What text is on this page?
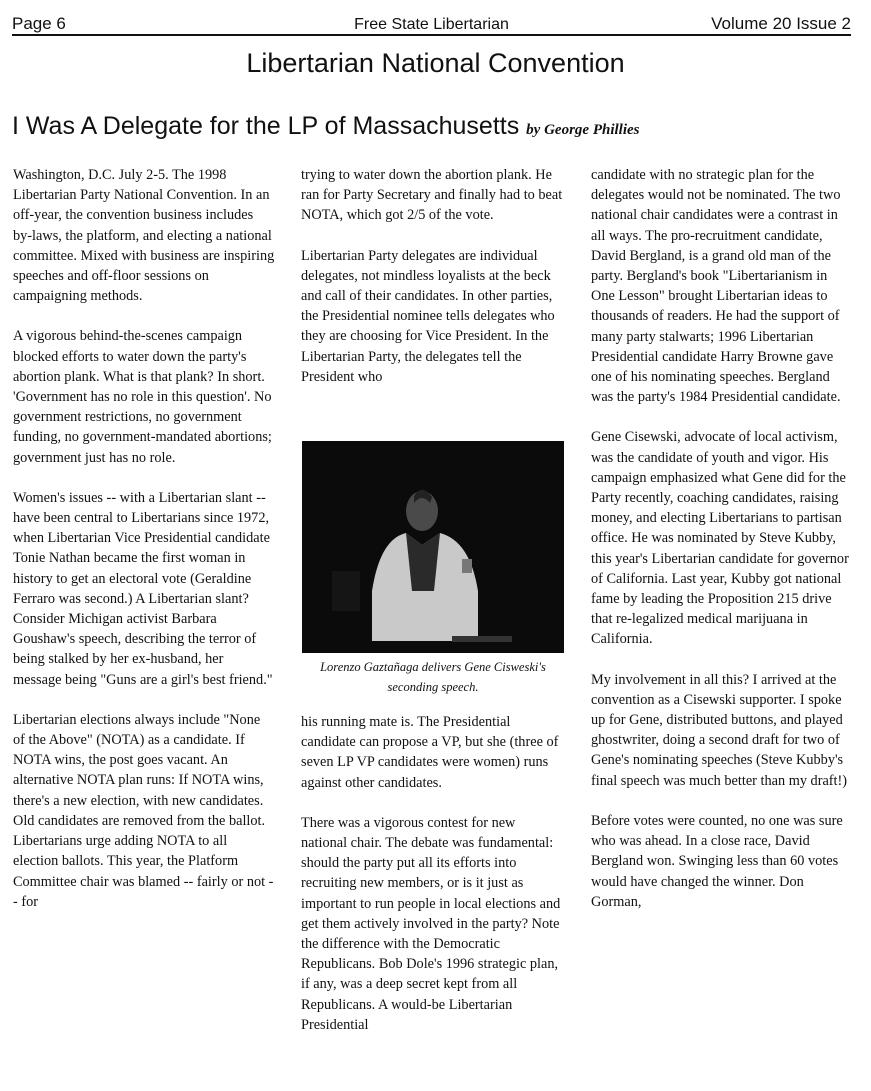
Page 6	Free State Libertarian	Volume 20 Issue 2
Libertarian National Convention
I Was A Delegate for the LP of Massachusetts by George Phillies

Washington, D.C. July 2-5. The 1998 Libertarian Party National Convention. In an off-year, the convention business includes by-laws, the platform, and electing a national committee. Mixed with business are inspiring speeches and off-floor sessions on campaigning methods.

A vigorous behind-the-scenes campaign blocked efforts to water down the party's abortion plank. What is that plank? In short. 'Government has no role in this question'. No government restrictions, no government funding, no government-mandated abortions; government just has no role.

Women's issues -- with a Libertarian slant -- have been central to Libertarians since 1972, when Libertarian Vice Presidential candidate Tonie Nathan became the first woman in history to get an electoral vote (Geraldine Ferraro was second.) A Libertarian slant? Consider Michigan activist Barbara Goushaw's speech, describing the terror of being stalked by her ex-husband, her message being "Guns are a girl's best friend."

Libertarian elections always include "None of the Above" (NOTA) as a candidate. If NOTA wins, the post goes vacant. An alternative NOTA plan runs: If NOTA wins, there's a new election, with new candidates. Old candidates are removed from the ballot. Libertarians urge adding NOTA to all election ballots. This year, the Platform Committee chair was blamed -- fairly or not -- for

trying to water down the abortion plank. He ran for Party Secretary and finally had to beat NOTA, which got 2/5 of the vote.

Libertarian Party delegates are individual delegates, not mindless loyalists at the beck and call of their candidates. In other parties, the Presidential nominee tells delegates who they are choosing for Vice President. In the Libertarian Party, the delegates tell the President who

Lorenzo Gaztañaga delivers Gene Cisweski's seconding speech.

his running mate is. The Presidential candidate can propose a VP, but she (three of seven LP VP candidates were women) runs against other candidates.

There was a vigorous contest for new national chair. The debate was fundamental: should the party put all its efforts into recruiting new members, or is it just as important to run people in local elections and get them actively involved in the party? Note the difference with the Democratic Republicans. Bob Dole's 1996 strategic plan, if any, was a deep secret kept from all Republicans. A would-be Libertarian Presidential

candidate with no strategic plan for the delegates would not be nominated. The two national chair candidates were a contrast in all ways. The pro-recruitment candidate, David Bergland, is a grand old man of the party. Bergland's book "Libertarianism in One Lesson" brought Libertarian ideas to thousands of readers. He had the support of many party stalwarts; 1996 Libertarian Presidential candidate Harry Browne gave one of his nominating speeches. Bergland was the party's 1984 Presidential candidate.

Gene Cisewski, advocate of local activism, was the candidate of youth and vigor. His campaign emphasized what Gene did for the Party recently, coaching candidates, raising money, and electing Libertarians to partisan office. He was nominated by Steve Kubby, this year's Libertarian candidate for governor of California. Last year, Kubby got national fame by leading the Proposition 215 drive that re-legalized medical marijuana in California.

My involvement in all this? I arrived at the convention as a Cisewski supporter. I spoke up for Gene, distributed buttons, and played ghostwriter, doing a second draft for two of Gene's nominating speeches (Steve Kubby's final speech was much better than my draft!)

Before votes were counted, no one was sure who was ahead. In a close race, David Bergland won. Swinging less than 60 votes would have changed the winner. Don Gorman,
